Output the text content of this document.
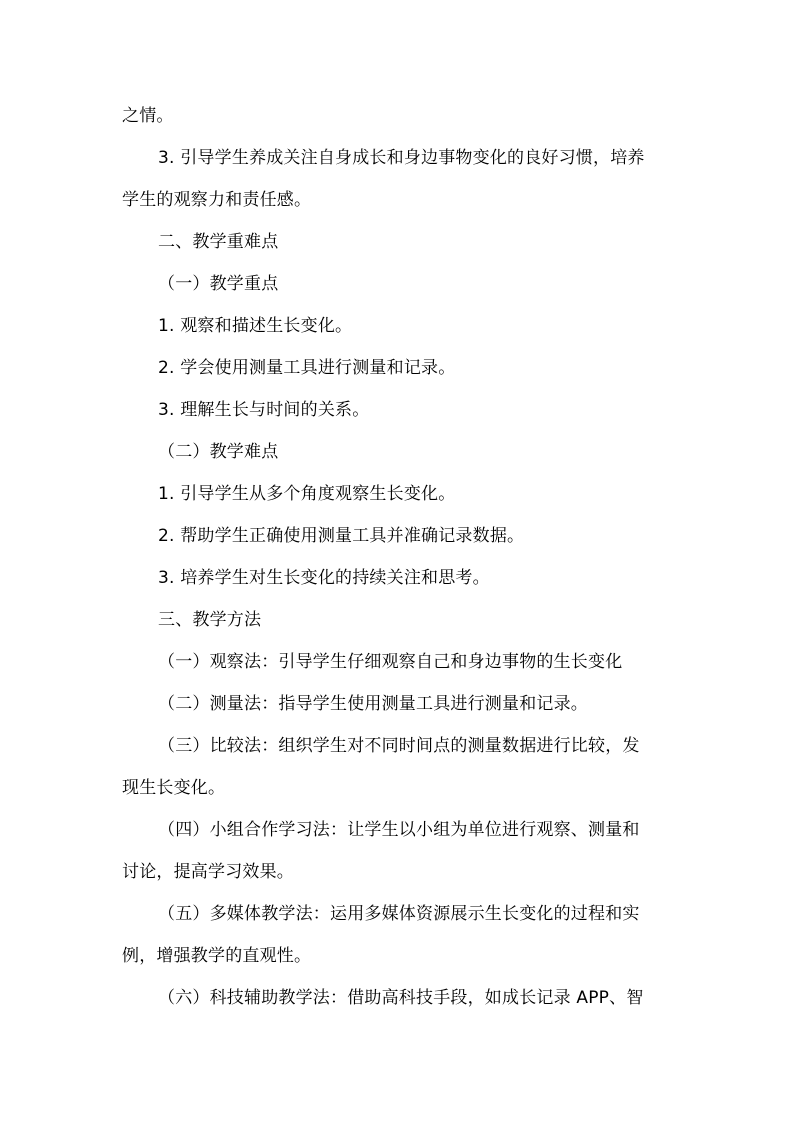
之情。
3. 引导学生养成关注自身成长和身边事物变化的良好习惯，培养
学生的观察力和责任感。
二、教学重难点
（一）教学重点
1. 观察和描述生长变化。
2. 学会使用测量工具进行测量和记录。
3. 理解生长与时间的关系。
（二）教学难点
1. 引导学生从多个角度观察生长变化。
2. 帮助学生正确使用测量工具并准确记录数据。
3. 培养学生对生长变化的持续关注和思考。
三、教学方法
（一）观察法：引导学生仔细观察自己和身边事物的生长变化
（二）测量法：指导学生使用测量工具进行测量和记录。
（三）比较法：组织学生对不同时间点的测量数据进行比较，发
现生长变化。
（四）小组合作学习法：让学生以小组为单位进行观察、测量和
讨论，提高学习效果。
（五）多媒体教学法：运用多媒体资源展示生长变化的过程和实
例，增强教学的直观性。
（六）科技辅助教学法：借助高科技手段，如成长记录 APP、智
